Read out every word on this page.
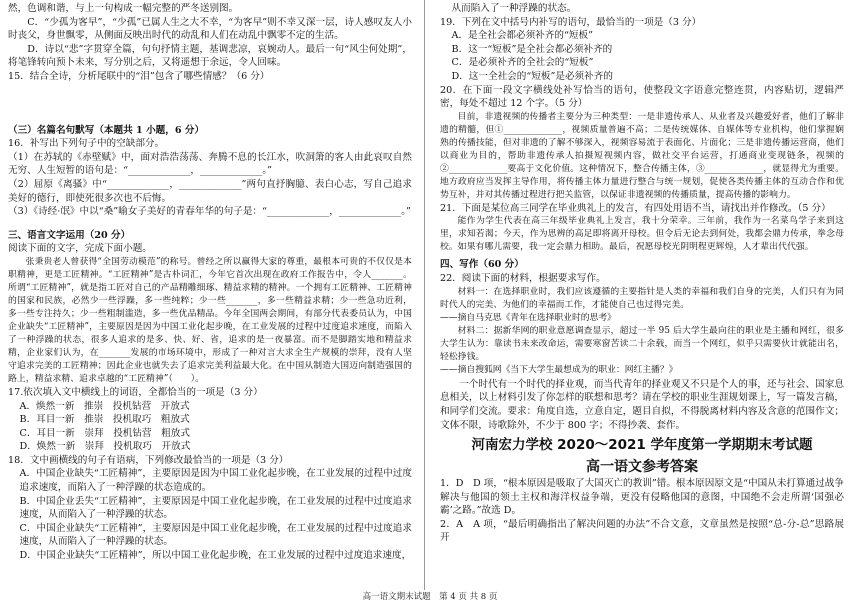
然，色调和谐，与上一句构成一幅完整的严冬送别图。

C．“少孤为客早”，“少孤”已属人生之大不幸，“为客早”则不幸又深一层，诗人感叹友人小时丧父，身世飘零，从侧面反映出时代的动乱和人们在动乱中飘零不定的生活。

D．诗以“悲”字贯穿全篇，句句抒情主题，基调悲凉，哀婉动人。最后一句“风尘何处期”，将笔锋转向预卜未来，写分别之后，又将遥想于余远，令人回味。

15．结合全诗，分析尾联中的“泪”包含了哪些情感？（6 分）

（三）名篇名句默写（本题共 1 小题，6 分）

16．补写出下列句子中的空缺部分。

（1）在苏轼的《赤壁赋》中，面对浩浩荡荡、奔腾不息的长江水，吹洞箫的客人由此哀叹自然无穷、人生短暂的语句是：“_____________，_____________。”

（2）屈原《离骚》中“_____________，_____________”两句直抒胸臆、表白心志，写自己追求美好的德行，即使死很多次也不后悔。

（3）《诗经·氓》中以“桑”喻女子美好的青春年华的句子是：“_____________，_____________。”

三、语言文字运用（20 分）

阅读下面的文字，完成下面小题。

张秉贵老人曾获得“全国劳动模范”的称号。曾经之所以赢得大家的尊重，最根本可贵的不仅仅是本职精神，更是工匠精神。“工匠精神”是古朴词汇，今年它首次出现在政府工作报告中，令人_______。所谓“工匠精神”，就是指工匠对自己的产品精雕细琢、精益求精的精神。一个拥有工匠精神、工匠精神的国家和民族，必然少一些浮躁，多一些纯粹；少一些_______，多一些精益求精；少一些急功近利，多一些专注持久；少一些粗制滥造，多一些优品精品。今年全国两会期间，有部分代表委员认为，中国企业缺失“工匠精神”，主要原因是因为中国工业化起步晚，在工业发展的过程中过度追求速度，而陷入了一种浮躁的状态，很多人追求的是多、快、好、省，追求的是一夜暴富。而不是脚踏实地和精益求精，企业家们认为，在_______发展的市场环境中，形成了一种对言大求全生产规模的崇拜，没有人坚守追求完美的工匠精神；因此企业也就失去了追求完美利益最大化。在中国从制造大国迈向制造强国的路上，精益求精、追求卓越的“工匠精神”（　　）。

17.依次填入文中横线上的词语，全都恰当的一项是（3 分）

A．焕然一新　推崇　投机钻营　开放式

B．耳目一新　推崇　投机取巧　粗放式

C．耳目一新　崇拜　投机钻营　粗放式

D．焕然一新　崇拜　投机取巧　开放式

18．文中画横线的句子有语病，下列修改最恰当的一项是（3 分）

A．中国企业缺失“工匠精神”，主要原因是因为中国工业化起步晚，在工业发展的过程中过度追求速度，而陷入了一种浮躁的状态造成的。

B．中国企业丢失“工匠精神”，主要原因是中国工业化起步晚，在工业发展的过程中过度追求速度，从而陷入了一种浮躁的状态。

C．中国企业缺失“工匠精神”，主要原因是中国工业化起步晚，在工业发展的过程中过度追求速度，从而陷入了一种浮躁的状态。

D．中国企业缺失“工匠精神”，所以中国工业化起步晚，在工业发展的过程中过度追求速度，

从而陷入了一种浮躁的状态。

19．下列在文中括号内补写的语句，最恰当的一项是（3 分）

A．是全社会都必须补齐的“短板”

B．这一“短板”是全社会都必须补齐的

C．是必须补齐的全社会的“短板”

D．这一全社会的“短板”是必须补齐的

20．在下面一段文字横线处补写恰当的语句，使整段文字语意完整连贯，内容贴切，逻辑严密，每处不超过 12 个字。（5 分）

目前，非遗视频的传播者主要分为三种类型：一是非遗传承人、从业者及兴趣爱好者，他们了解非遗的精髓，但①_____________，视频质量普遍不高；二是传统媒体、自媒体等专业机构，他们掌握娴熟的传播技能，但对非遗的了解不够深入，视频容易流于表面化、片面化；三是非遗传播运营商，他们以商业为目的，帮助非遗传承人拍摄短视频内容，做社交平台运营，打通商业变现链条，视频的②_____________要高于文化价值。这种情况下，整合传播主体，③_____________，就显得尤为重要。地方政府应当发挥主导作用，将传播主体力量进行整合与统一规划，促使各类传播主体的互动合作和优势互补，并对其传播过程进行把关监管，以保证非遗视频的传播质量，提高传播的影响力。

21．下面是某位高三同学在毕业典礼上的发言，有四处用语不当，请找出并作修改。（5 分）

能作为学生代表在高三年级毕业典礼上发言，我十分荣幸。三年前，我作为一名菜鸟学子来到这里，求知若渴；今天，作为思辨的高足即将离开母校。但令后无论去到何处，我都会鼎力传承，拳念母校。如果有哪儿需要，我一定会鼎力相助。最后，祝愿母校光阴明程更辉煌，人才辈出代代强。

四、写作（60 分）

22．阅读下面的材料，根据要求写作。

材料一：在选择职业时，我们应该遵循的主要指针是人类的幸福和我们自身的完美，人们只有为同时代人的完美、为他们的幸福而工作，才能使自己也过得完美。

——摘自马克思《青年在选择职业时的思考》

材料二：据新华网的职业意愿调查显示，超过一半 95 后大学生最向往的职业是主播和网红，很多大学生认为：靠读书未来改命运，需要寒窗苦读二十余载，而当一个网红，似乎只需要伙计就能出名，轻松挣钱。

——摘自搜狐网《当下大学生最想成为的职业：网红主播？》

一个时代有一个时代的择业观，而当代青年的择业观又不只是个人的事，还与社会、国家息息相关，以上材料引发了你怎样的联想和思考？请在学校的职业生涯规划课上，写一篇发言稿，和同学们交流。要求：角度自选，立意自定，题目自拟，不得脱离材料内容及含意的范围作文；文体不限，诗歌除外，不少于 800 字；不得抄袭、套作。

河南宏力学校 2020～2021 学年度第一学期期末考试题

高一语文参考答案

1．D　D 项，“根本原因是吸取了大国灭亡的教训”错。根本原因原文是“中国从未打算通过战争解决与他国的领土主权和海洋权益争端，更没有侵略他国的意图，中国绝不会走所谓‘国强必霸’之路。”故选 D。

2．A　A 项，“最后明确指出了解决问题的办法”不合文意，文章虽然是按照“总-分-总”思路展开

高一语文期末试题　第 4 页 共 8 页
